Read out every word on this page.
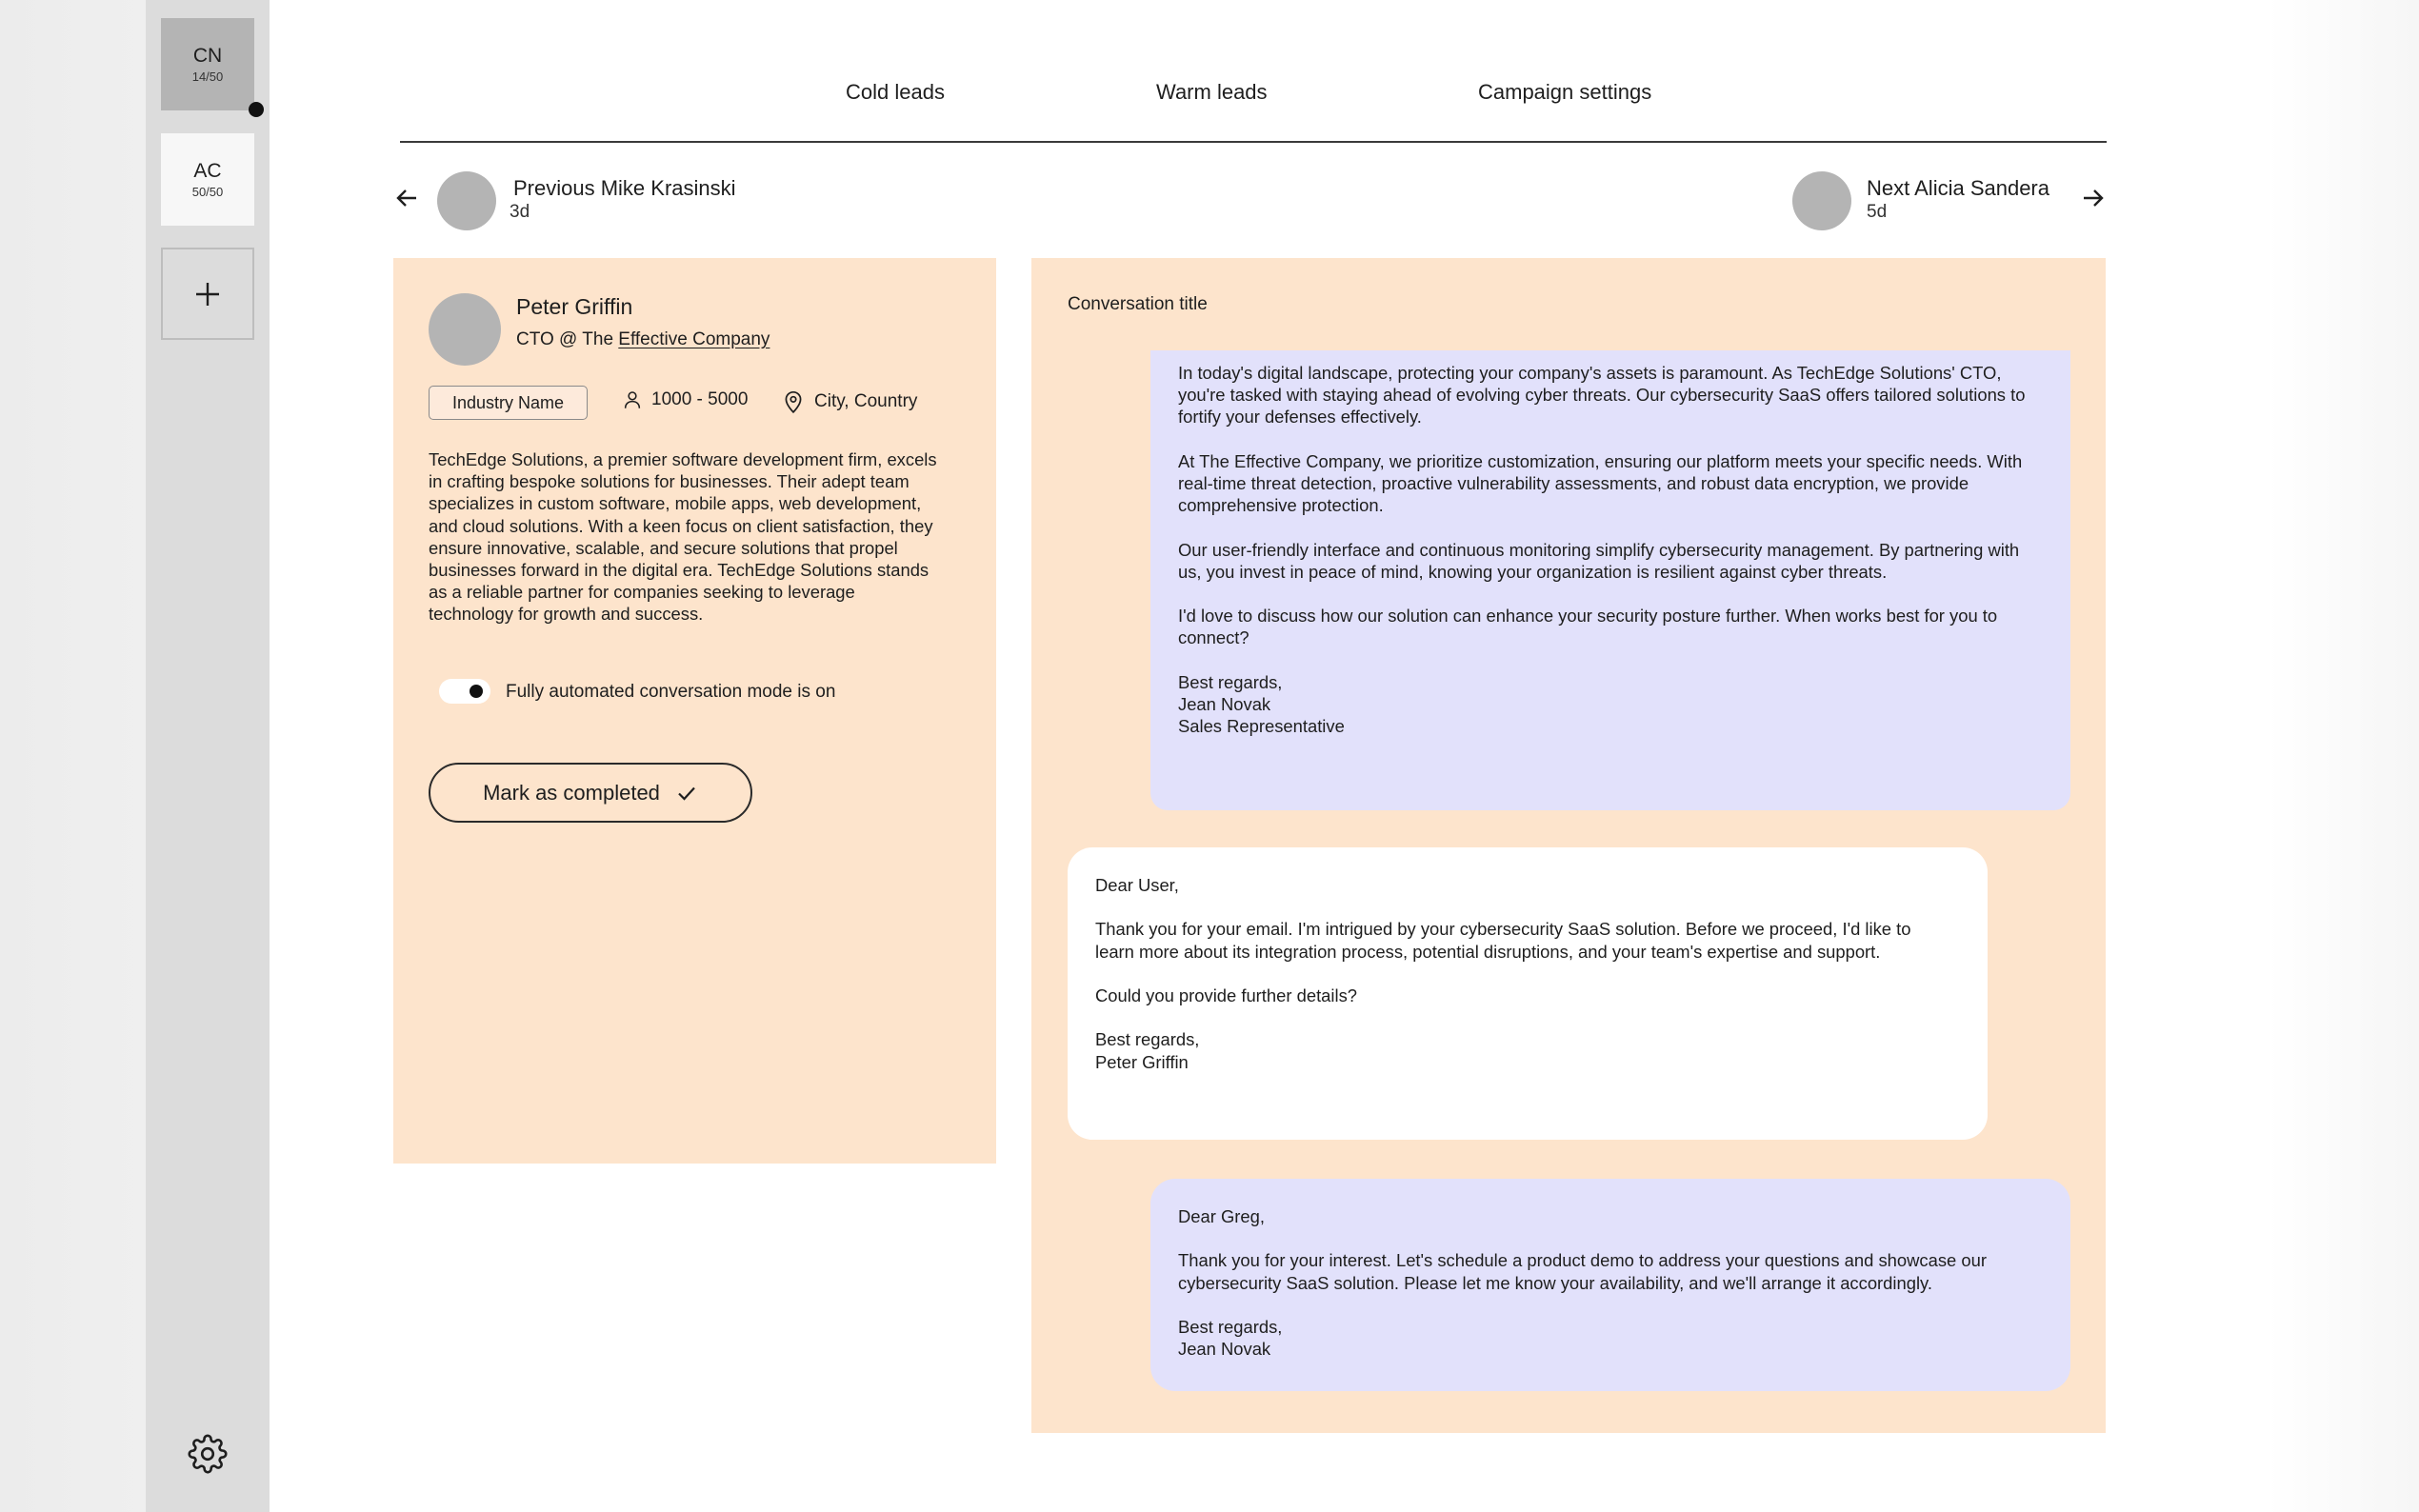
CN
14/50
AC
50/50
Cold leads	Warm leads	Campaign settings
Previous Mike Krasinski
3d
Next Alicia Sandera
5d
Peter Griffin
CTO @ The Effective Company
Industry Name	1000 - 5000	City, Country

TechEdge Solutions, a premier software development firm, excels in crafting bespoke solutions for businesses. Their adept team specializes in custom software, mobile apps, web development, and cloud solutions. With a keen focus on client satisfaction, they ensure innovative, scalable, and secure solutions that propel businesses forward in the digital era. TechEdge Solutions stands as a reliable partner for companies seeking to leverage technology for growth and success.

Fully automated conversation mode is on
Mark as completed
Conversation title

In today's digital landscape, protecting your company's assets is paramount. As TechEdge Solutions' CTO, you're tasked with staying ahead of evolving cyber threats. Our cybersecurity SaaS offers tailored solutions to fortify your defenses effectively.

At The Effective Company, we prioritize customization, ensuring our platform meets your specific needs. With real-time threat detection, proactive vulnerability assessments, and robust data encryption, we provide comprehensive protection.

Our user-friendly interface and continuous monitoring simplify cybersecurity management. By partnering with us, you invest in peace of mind, knowing your organization is resilient against cyber threats.

I'd love to discuss how our solution can enhance your security posture further. When works best for you to connect?

Best regards,
Jean Novak
Sales Representative

Dear User,

Thank you for your email. I'm intrigued by your cybersecurity SaaS solution. Before we proceed, I'd like to learn more about its integration process, potential disruptions, and your team's expertise and support.

Could you provide further details?

Best regards,
Peter Griffin

Dear Greg,

Thank you for your interest. Let's schedule a product demo to address your questions and showcase our cybersecurity SaaS solution. Please let me know your availability, and we'll arrange it accordingly.

Best regards,
Jean Novak
